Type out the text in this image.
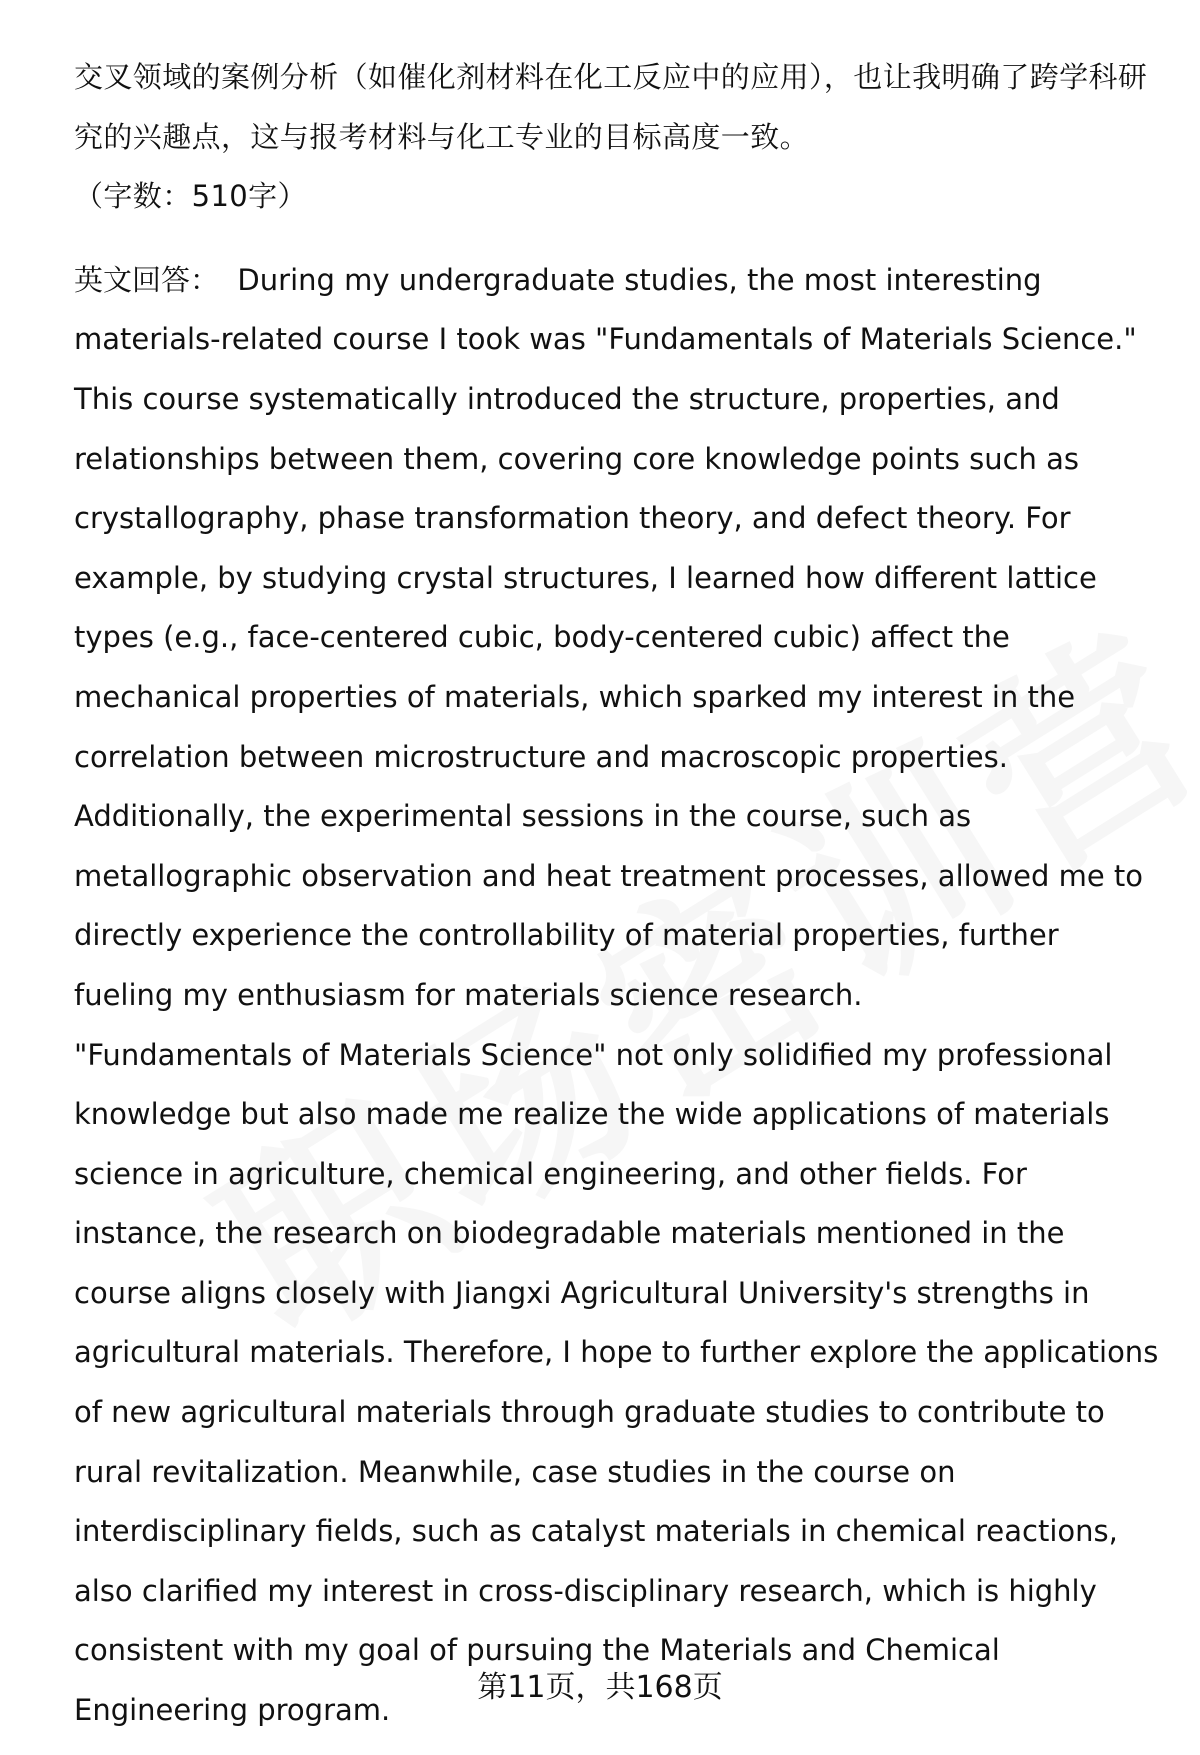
交叉领域的案例分析（如催化剂材料在化工反应中的应用），也让我明确了跨学科研究的兴趣点，这与报考材料与化工专业的目标高度一致。

（字数：510字）

英文回答：  During my undergraduate studies, the most interesting materials-related course I took was "Fundamentals of Materials Science." This course systematically introduced the structure, properties, and relationships between them, covering core knowledge points such as crystallography, phase transformation theory, and defect theory. For example, by studying crystal structures, I learned how different lattice types (e.g., face-centered cubic, body-centered cubic) affect the mechanical properties of materials, which sparked my interest in the correlation between microstructure and macroscopic properties. Additionally, the experimental sessions in the course, such as metallographic observation and heat treatment processes, allowed me to directly experience the controllability of material properties, further fueling my enthusiasm for materials science research.

"Fundamentals of Materials Science" not only solidified my professional knowledge but also made me realize the wide applications of materials science in agriculture, chemical engineering, and other fields. For instance, the research on biodegradable materials mentioned in the course aligns closely with Jiangxi Agricultural University's strengths in agricultural materials. Therefore, I hope to further explore the applications of new agricultural materials through graduate studies to contribute to rural revitalization. Meanwhile, case studies in the course on interdisciplinary fields, such as catalyst materials in chemical reactions, also clarified my interest in cross-disciplinary research, which is highly consistent with my goal of pursuing the Materials and Chemical Engineering program.

第11页，共168页
